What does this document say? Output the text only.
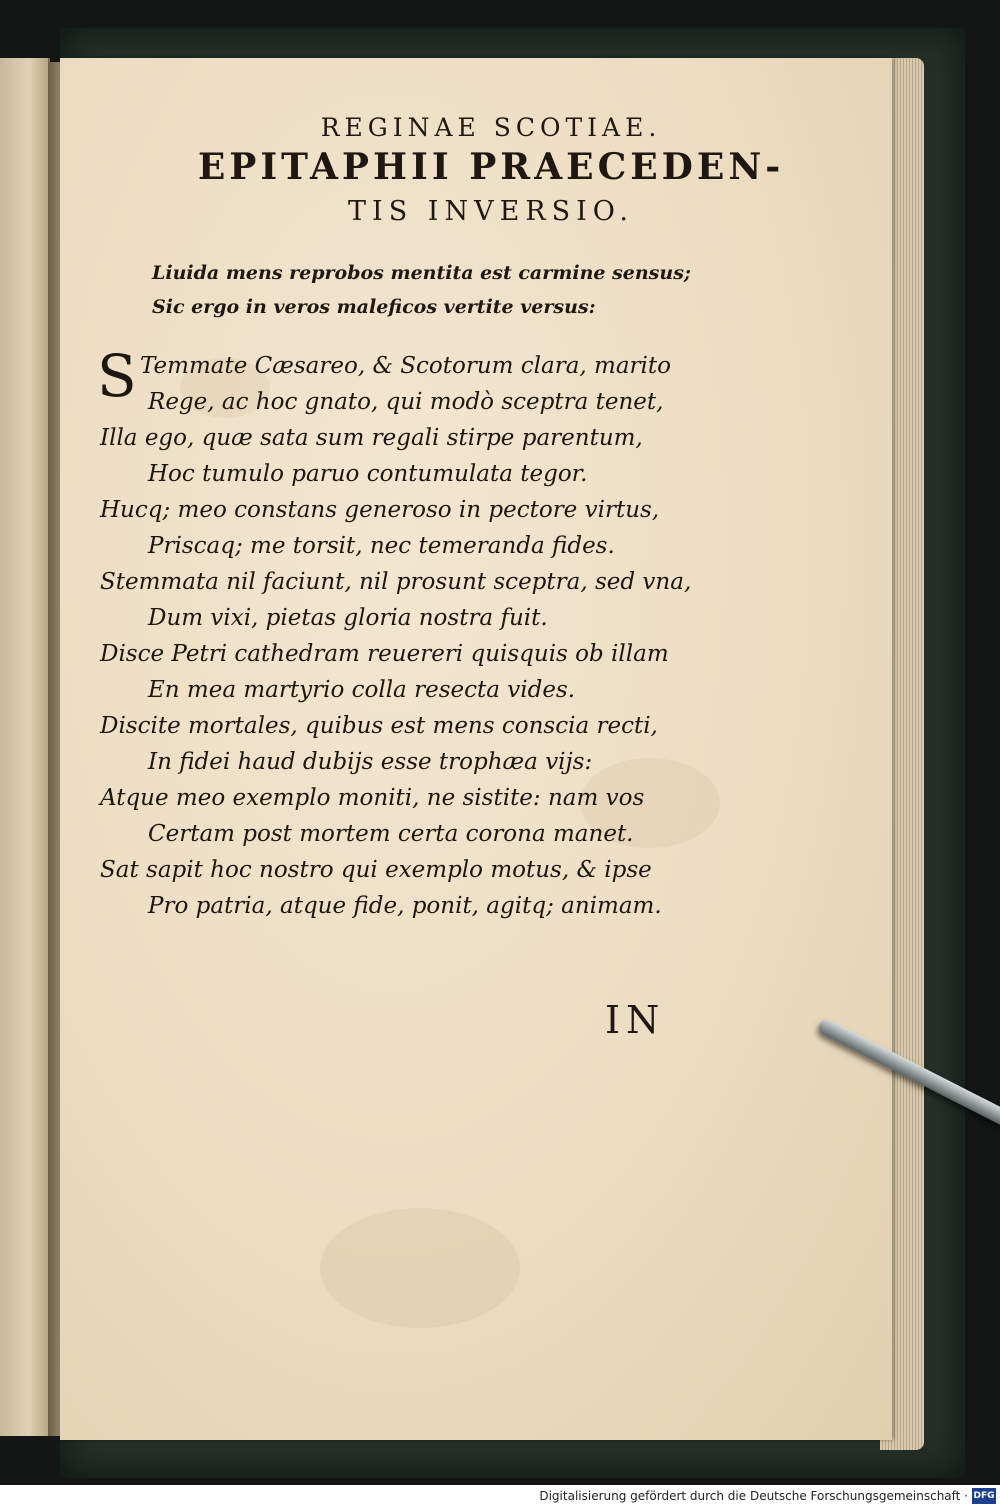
REGINAE SCOTIAE.
EPITAPHII PRAECEDEN-
TIS INVERSIO.
Liuida mens reprobos mentita est carmine sensus;
Sic ergo in veros maleficos vertite versus:
S Temmate Cæsareo, & Scotorum clara, marito
Rege, ac hoc gnato, qui modò sceptra tenet,
Illa ego, quæ sata sum regali stirpe parentum,
Hoc tumulo paruo contumulata tegor.
Hucq; meo constans generoso in pectore virtus,
Priscaq; me torsit, nec temeranda fides.
Stemmata nil faciunt, nil prosunt sceptra, sed vna,
Dum vixi, pietas gloria nostra fuit.
Disce Petri cathedram reuereri quisquis ob illam
En mea martyrio colla resecta vides.
Discite mortales, quibus est mens conscia recti,
In fidei haud dubijs esse trophæa vijs:
Atque meo exemplo moniti, ne sistite: nam vos
Certam post mortem certa corona manet.
Sat sapit hoc nostro qui exemplo motus, & ipse
Pro patria, atque fide, ponit, agitq; animam.
IN
Digitalisierung gefördert durch die Deutsche Forschungsgemeinschaft · DFG
